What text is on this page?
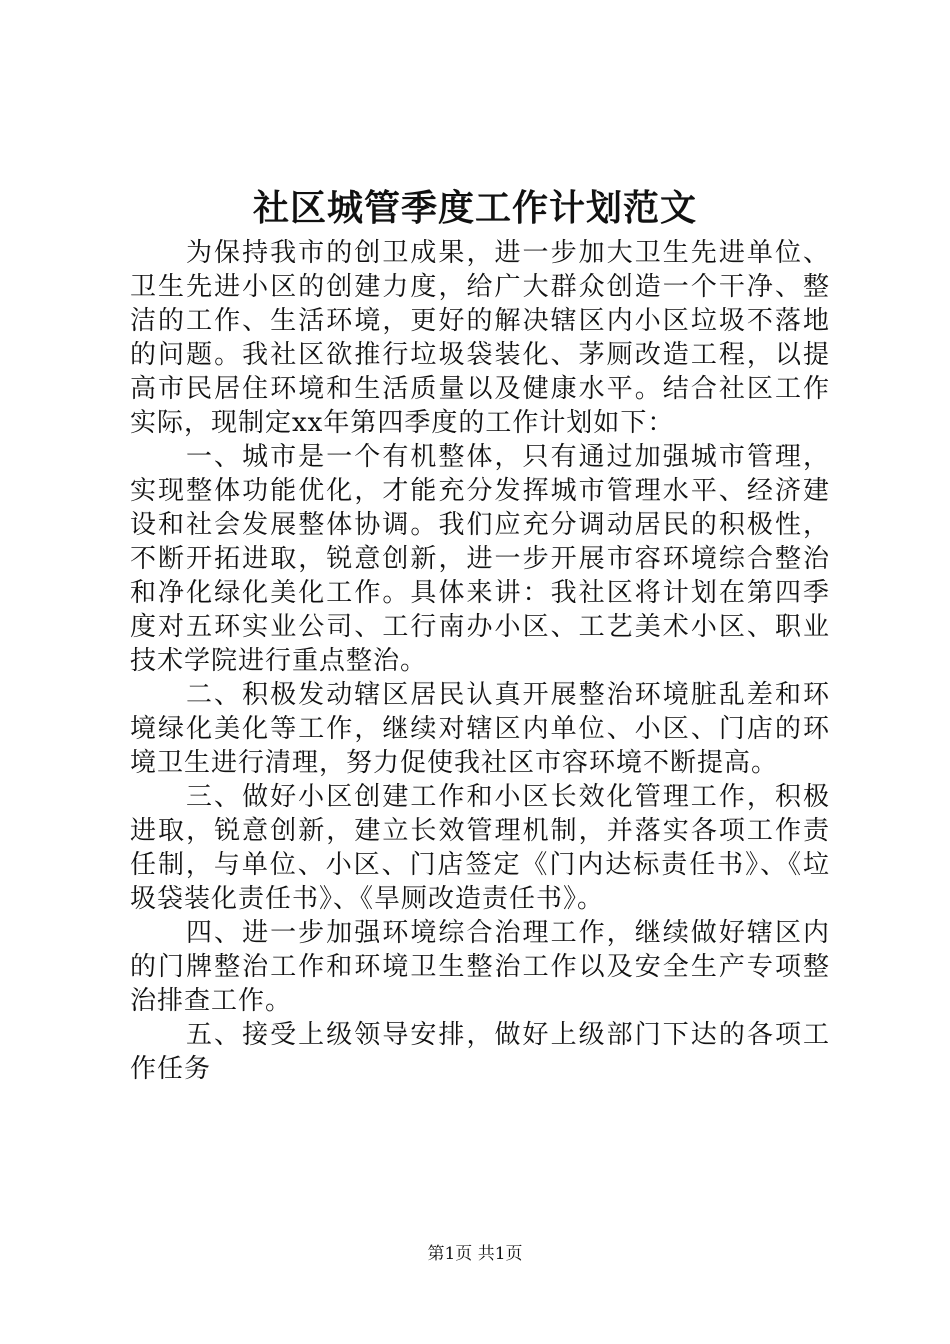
社区城管季度工作计划范文

为保持我市的创卫成果，进一步加大卫生先进单位、卫生先进小区的创建力度，给广大群众创造一个干净、整洁的工作、生活环境，更好的解决辖区内小区垃圾不落地的问题。我社区欲推行垃圾袋装化、茅厕改造工程，以提高市民居住环境和生活质量以及健康水平。结合社区工作实际，现制定xx年第四季度的工作计划如下：

一、城市是一个有机整体，只有通过加强城市管理，实现整体功能优化，才能充分发挥城市管理水平、经济建设和社会发展整体协调。我们应充分调动居民的积极性，不断开拓进取，锐意创新，进一步开展市容环境综合整治和净化绿化美化工作。具体来讲：我社区将计划在第四季度对五环实业公司、工行南办小区、工艺美术小区、职业技术学院进行重点整治。

二、积极发动辖区居民认真开展整治环境脏乱差和环境绿化美化等工作，继续对辖区内单位、小区、门店的环境卫生进行清理，努力促使我社区市容环境不断提高。

三、做好小区创建工作和小区长效化管理工作，积极进取，锐意创新，建立长效管理机制，并落实各项工作责任制，与单位、小区、门店签定《门内达标责任书》、《垃圾袋装化责任书》、《旱厕改造责任书》。

四、进一步加强环境综合治理工作，继续做好辖区内的门牌整治工作和环境卫生整治工作以及安全生产专项整治排查工作。

五、接受上级领导安排，做好上级部门下达的各项工作任务

第1页 共1页
